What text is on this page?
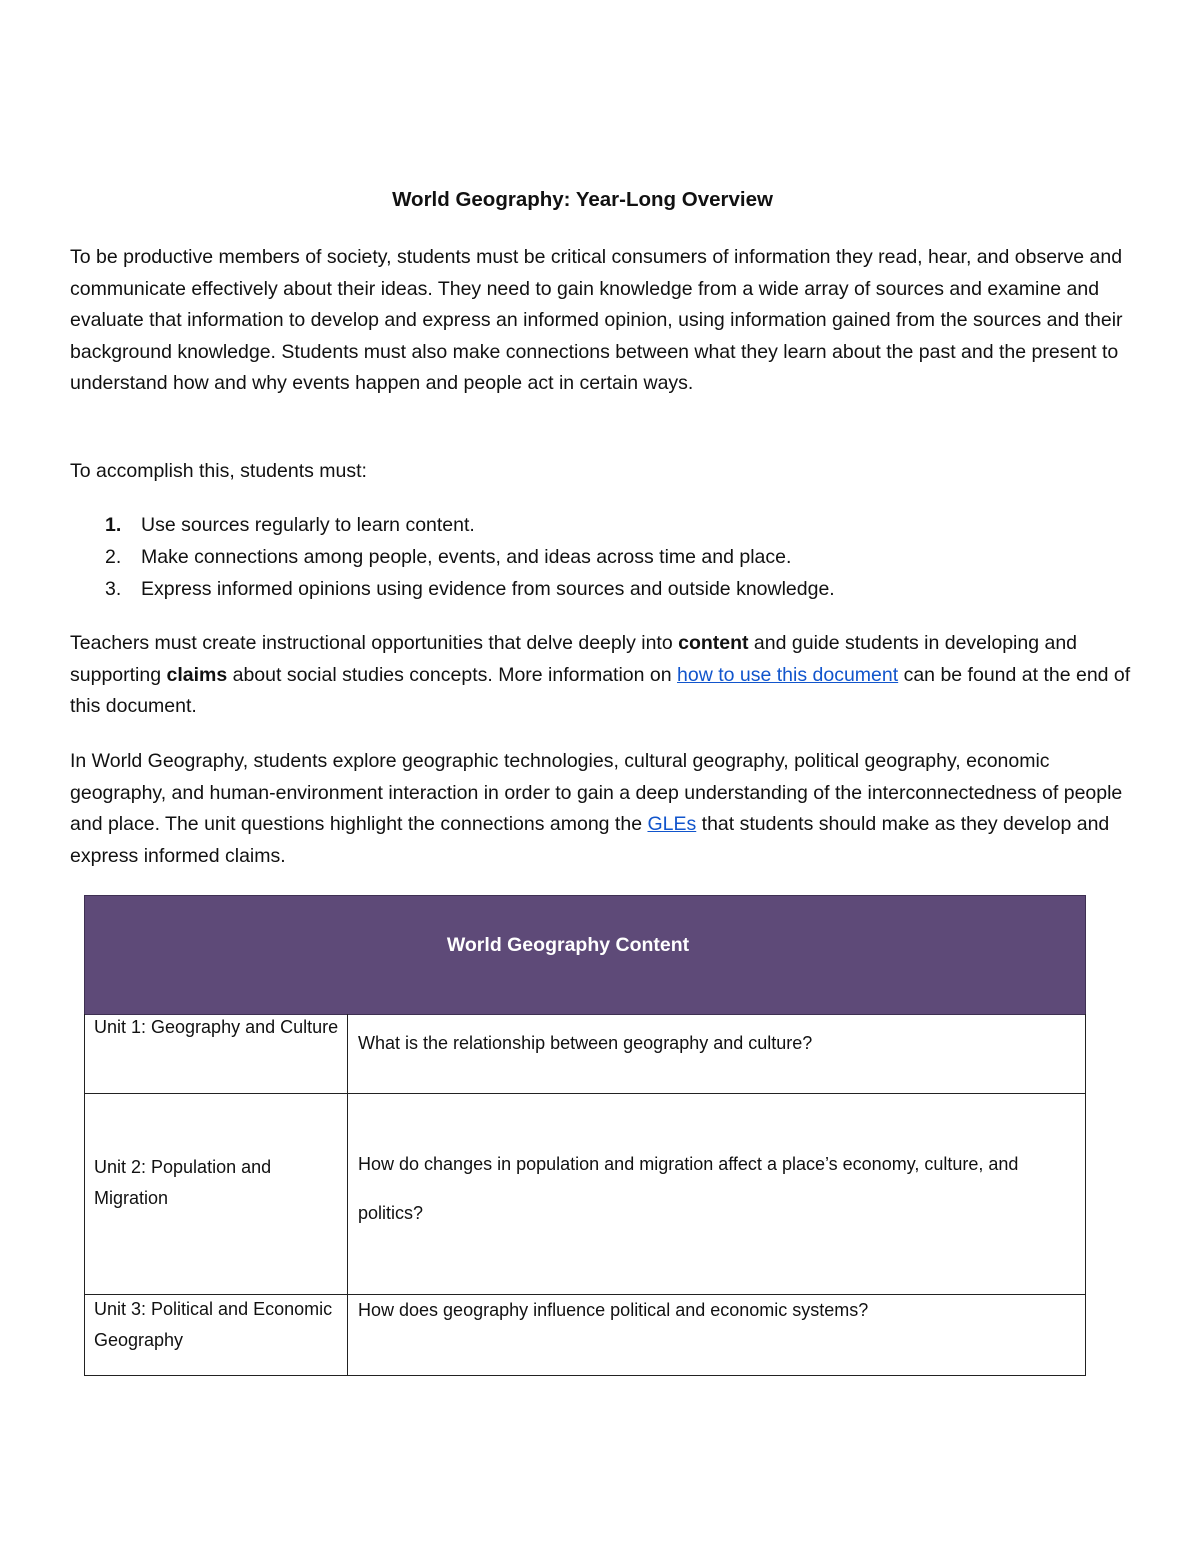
World Geography: Year-Long Overview

To be productive members of society, students must be critical consumers of information they read, hear, and observe and communicate effectively about their ideas. They need to gain knowledge from a wide array of sources and examine and evaluate that information to develop and express an informed opinion, using information gained from the sources and their background knowledge. Students must also make connections between what they learn about the past and the present to understand how and why events happen and people act in certain ways.

To accomplish this, students must:

1. Use sources regularly to learn content.
2. Make connections among people, events, and ideas across time and place.
3. Express informed opinions using evidence from sources and outside knowledge.

Teachers must create instructional opportunities that delve deeply into content and guide students in developing and supporting claims about social studies concepts. More information on how to use this document can be found at the end of this document.

In World Geography, students explore geographic technologies, cultural geography, political geography, economic geography, and human-environment interaction in order to gain a deep understanding of the interconnectedness of people and place. The unit questions highlight the connections among the GLEs that students should make as they develop and express informed claims.

World Geography Content
Unit 1: Geography and Culture
What is the relationship between geography and culture?
Unit 2: Population and Migration
How do changes in population and migration affect a place’s economy, culture, and politics?
Unit 3: Political and Economic Geography
How does geography influence political and economic systems?
